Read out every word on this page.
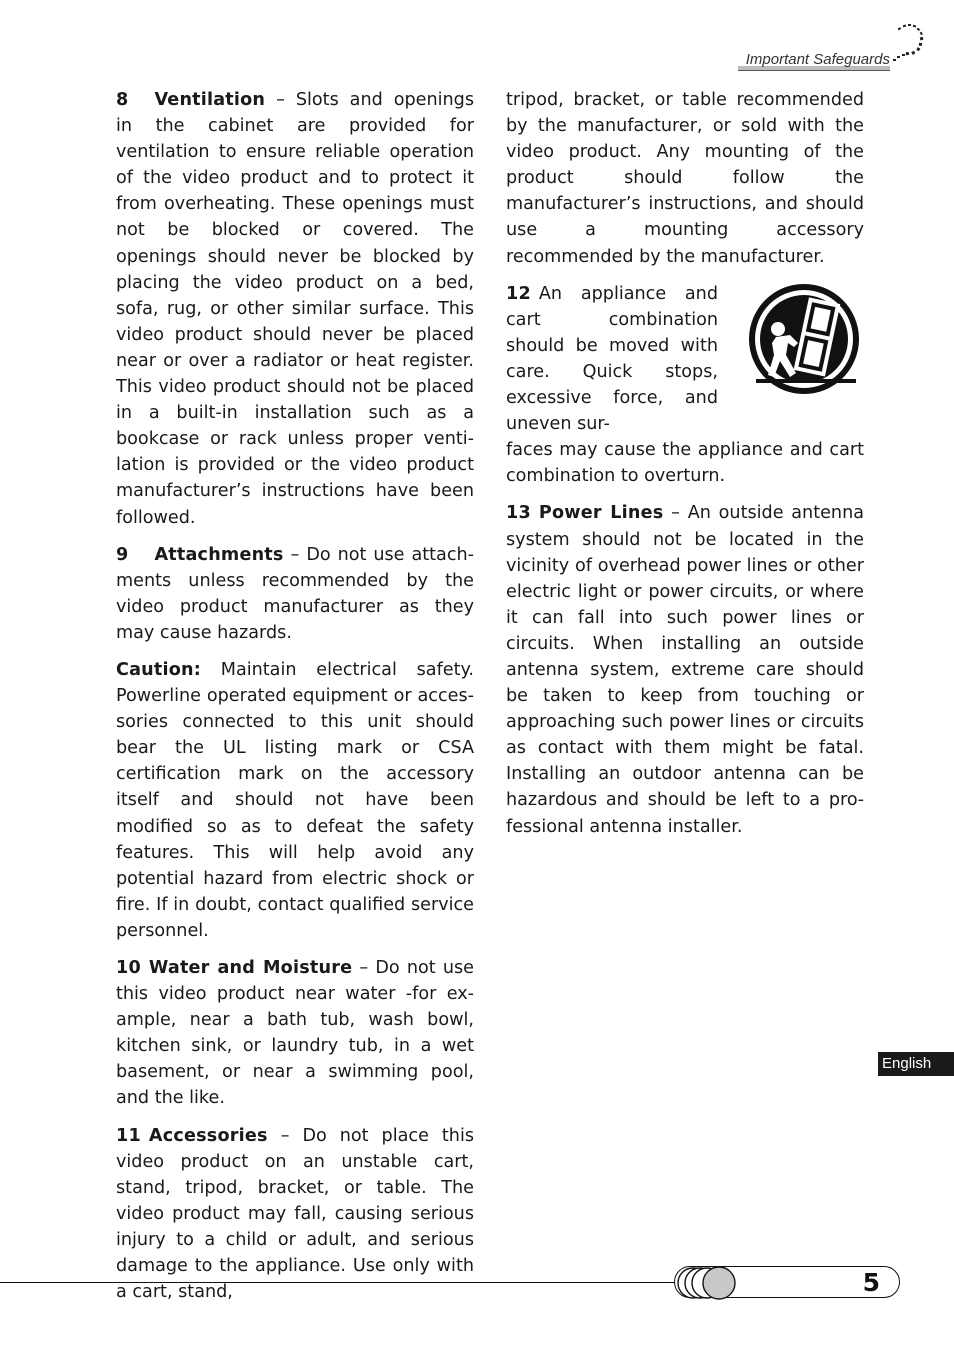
Important Safeguards

8 Ventilation – Slots and openings in the cabinet are provided for ventilation to ensure reliable operation of the video product and to protect it from overheating. These openings must not be blocked or covered. The openings should never be blocked by placing the video product on a bed, sofa, rug, or other similar surface. This video product should never be placed near or over a radiator or heat register. This video product should not be placed in a built-in installation such as a bookcase or rack unless proper ventilation is provided or the video product manufacturer’s instructions have been followed.

9 Attachments – Do not use attachments unless recommended by the video product manufacturer as they may cause hazards.

Caution: Maintain electrical safety. Powerline operated equipment or accessories connected to this unit should bear the UL listing mark or CSA certification mark on the accessory itself and should not have been modified so as to defeat the safety features. This will help avoid any potential hazard from electric shock or fire. If in doubt, contact qualified service personnel.

10 Water and Moisture – Do not use this video product near water -for example, near a bath tub, wash bowl, kitchen sink, or laundry tub, in a wet basement, or near a swimming pool, and the like.

11 Accessories – Do not place this video product on an unstable cart, stand, tripod, bracket, or table. The video product may fall, causing serious injury to a child or adult, and serious damage to the appliance. Use only with a cart, stand,

tripod, bracket, or table recommended by the manufacturer, or sold with the video product. Any mounting of the product should follow the manufacturer’s instructions, and should use a mounting accessory recommended by the manufacturer.

12 An appliance and cart combination should be moved with care. Quick stops, excessive force, and uneven sur-

faces may cause the appliance and cart combination to overturn.

13 Power Lines – An outside antenna system should not be located in the vicinity of overhead power lines or other electric light or power circuits, or where it can fall into such power lines or circuits. When installing an outside antenna system, extreme care should be taken to keep from touching or approaching such power lines or circuits as contact with them might be fatal. Installing an outdoor antenna can be hazardous and should be left to a professional antenna installer.

English
5
